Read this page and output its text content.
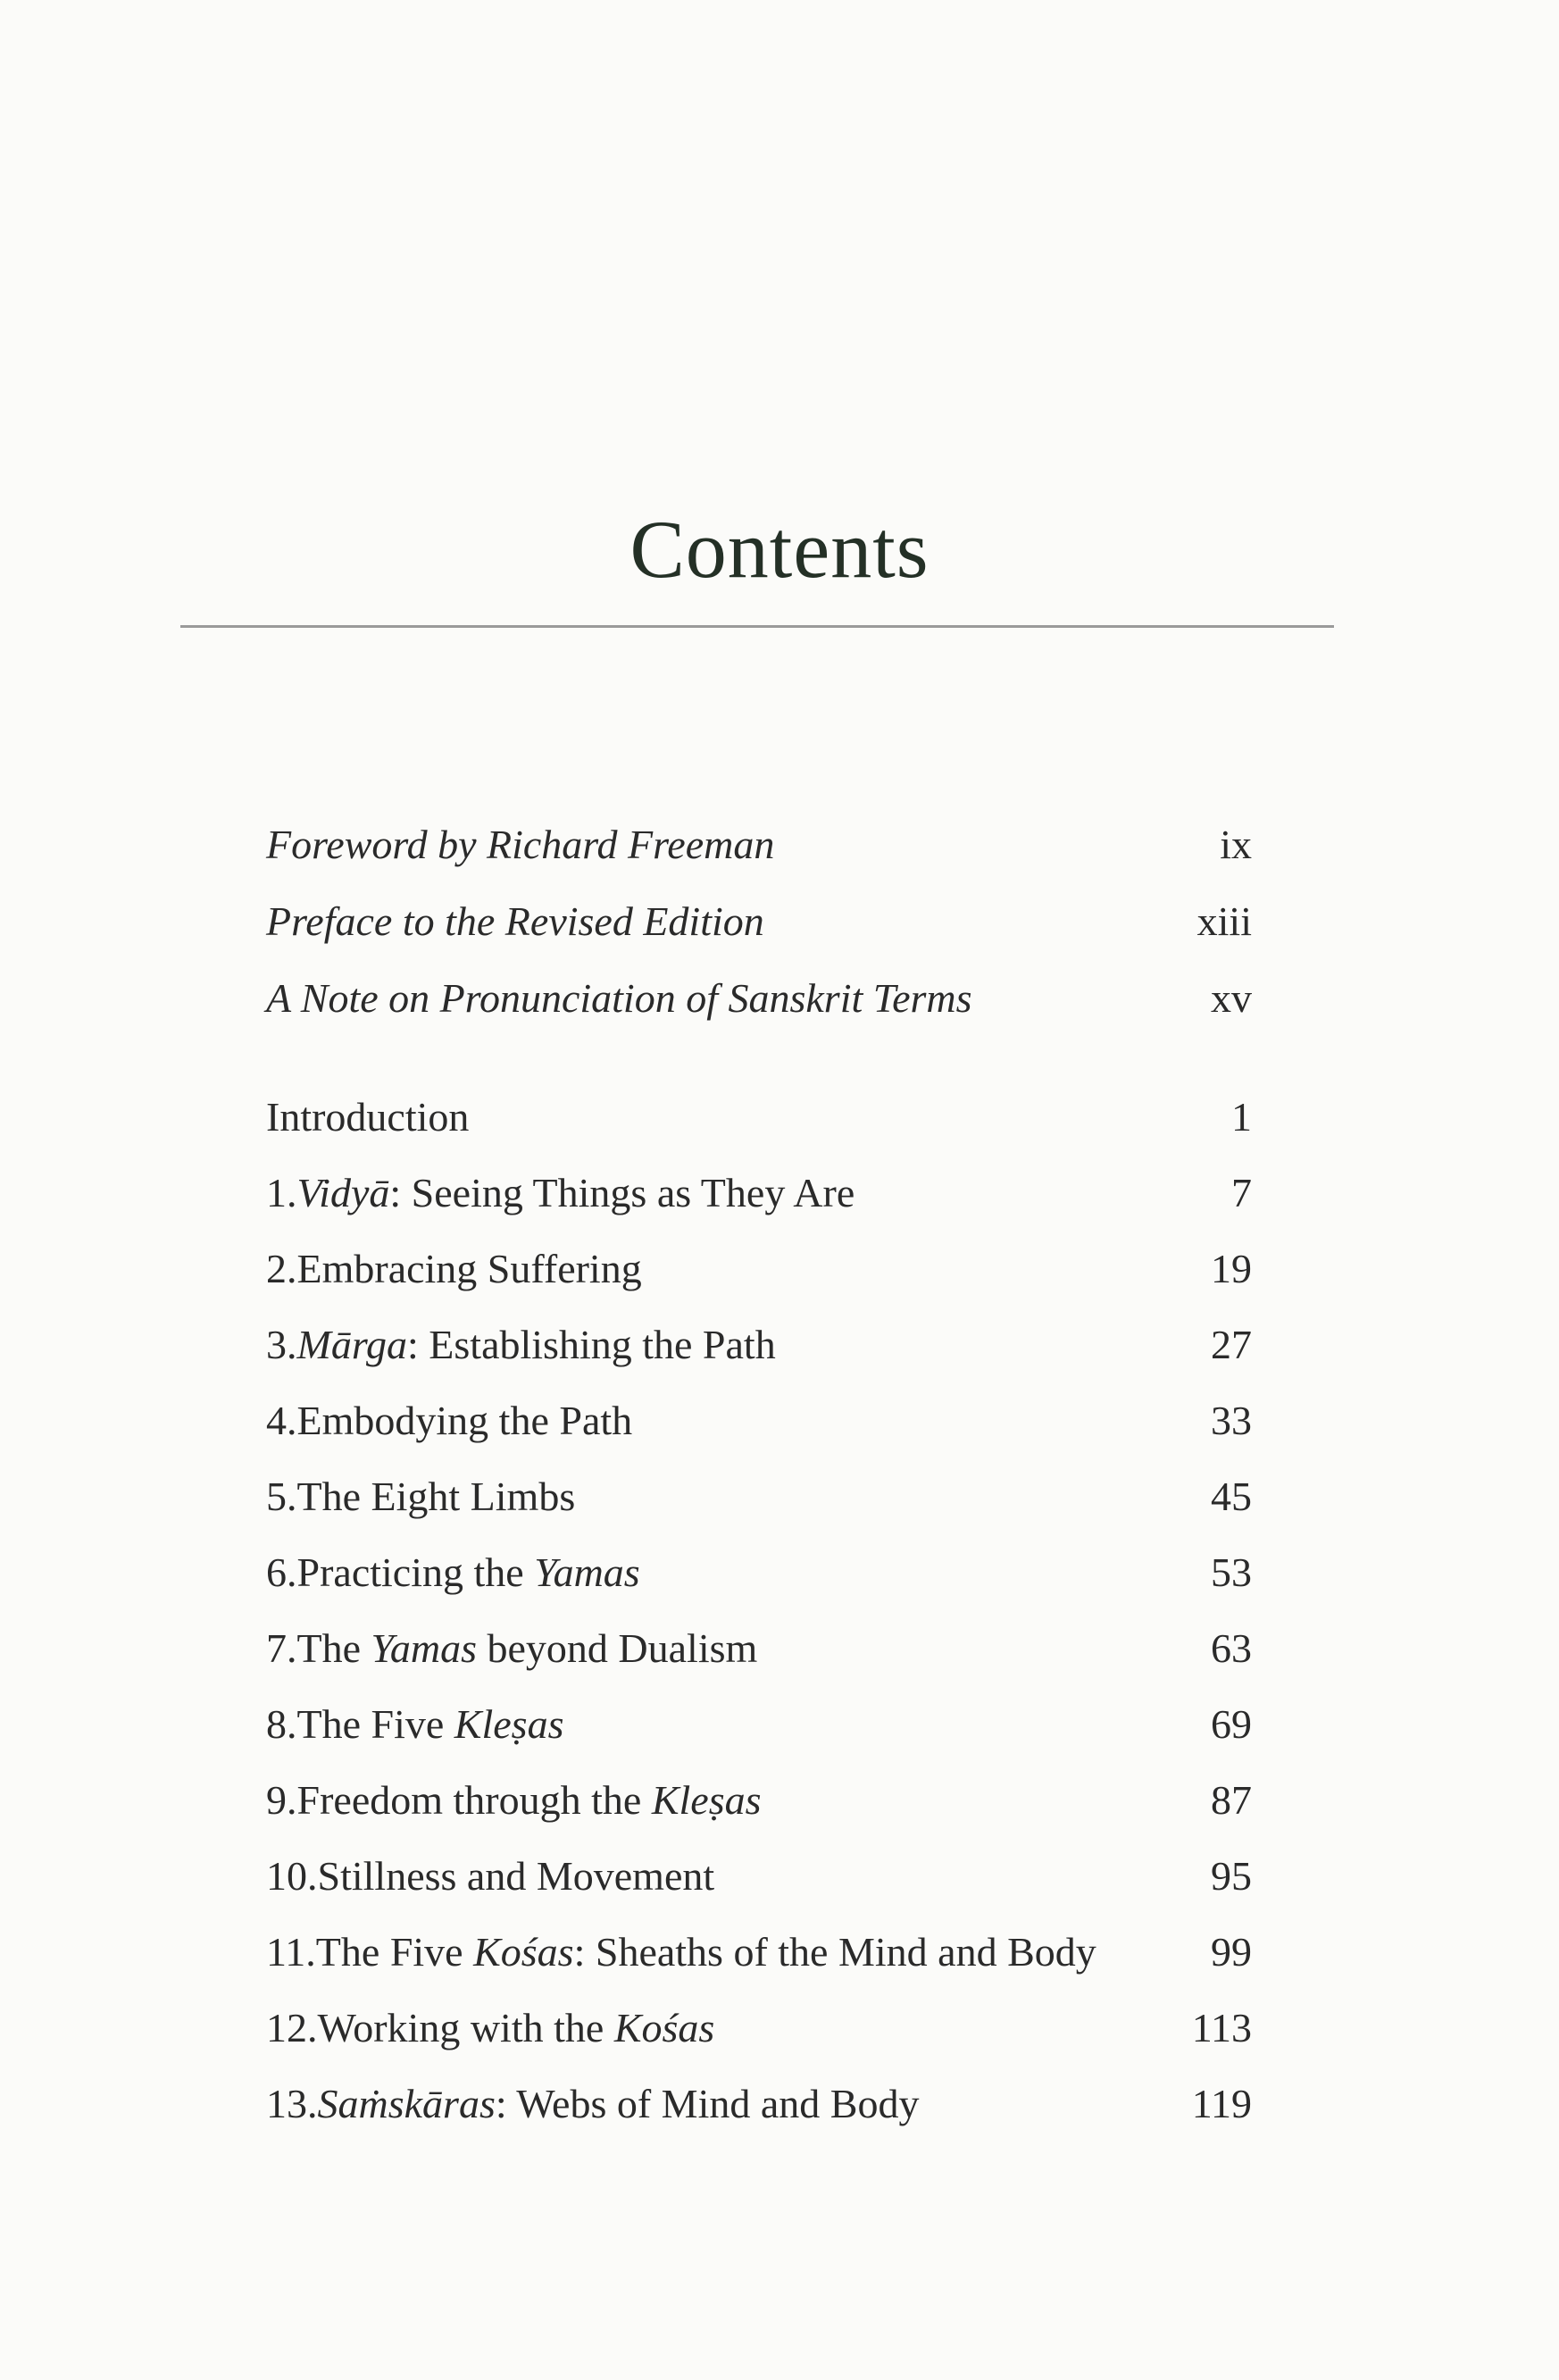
Contents
Foreword by Richard Freeman	ix
Preface to the Revised Edition	xiii
A Note on Pronunciation of Sanskrit Terms	xv
Introduction	1
1.Vidyā: Seeing Things as They Are	7
2.Embracing Suffering	19
3.Mārga: Establishing the Path	27
4.Embodying the Path	33
5.The Eight Limbs	45
6.Practicing the Yamas	53
7.The Yamas beyond Dualism	63
8.The Five Kleṣas	69
9.Freedom through the Kleṣas	87
10.Stillness and Movement	95
11.The Five Kośas: Sheaths of the Mind and Body	99
12.Working with the Kośas	113
13.Saṁskāras: Webs of Mind and Body	119
